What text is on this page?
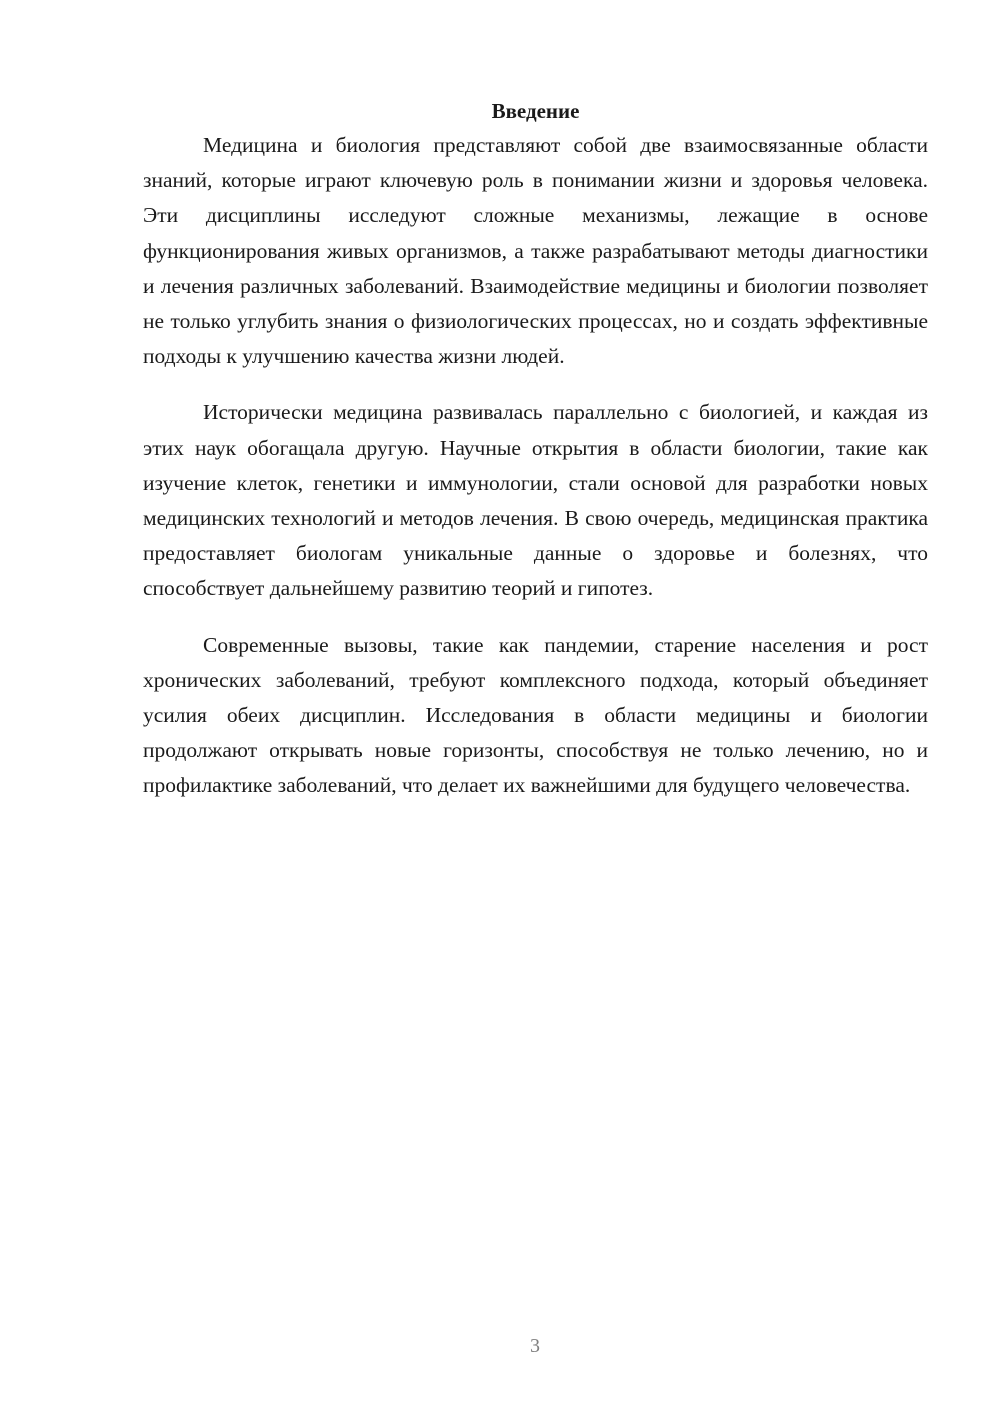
Введение

Медицина и биология представляют собой две взаимосвязанные области знаний, которые играют ключевую роль в понимании жизни и здоровья человека. Эти дисциплины исследуют сложные механизмы, лежащие в основе функционирования живых организмов, а также разрабатывают методы диагностики и лечения различных заболеваний. Взаимодействие медицины и биологии позволяет не только углубить знания о физиологических процессах, но и создать эффективные подходы к улучшению качества жизни людей.

Исторически медицина развивалась параллельно с биологией, и каждая из этих наук обогащала другую. Научные открытия в области биологии, такие как изучение клеток, генетики и иммунологии, стали основой для разработки новых медицинских технологий и методов лечения. В свою очередь, медицинская практика предоставляет биологам уникальные данные о здоровье и болезнях, что способствует дальнейшему развитию теорий и гипотез.

Современные вызовы, такие как пандемии, старение населения и рост хронических заболеваний, требуют комплексного подхода, который объединяет усилия обеих дисциплин. Исследования в области медицины и биологии продолжают открывать новые горизонты, способствуя не только лечению, но и профилактике заболеваний, что делает их важнейшими для будущего человечества.

3
